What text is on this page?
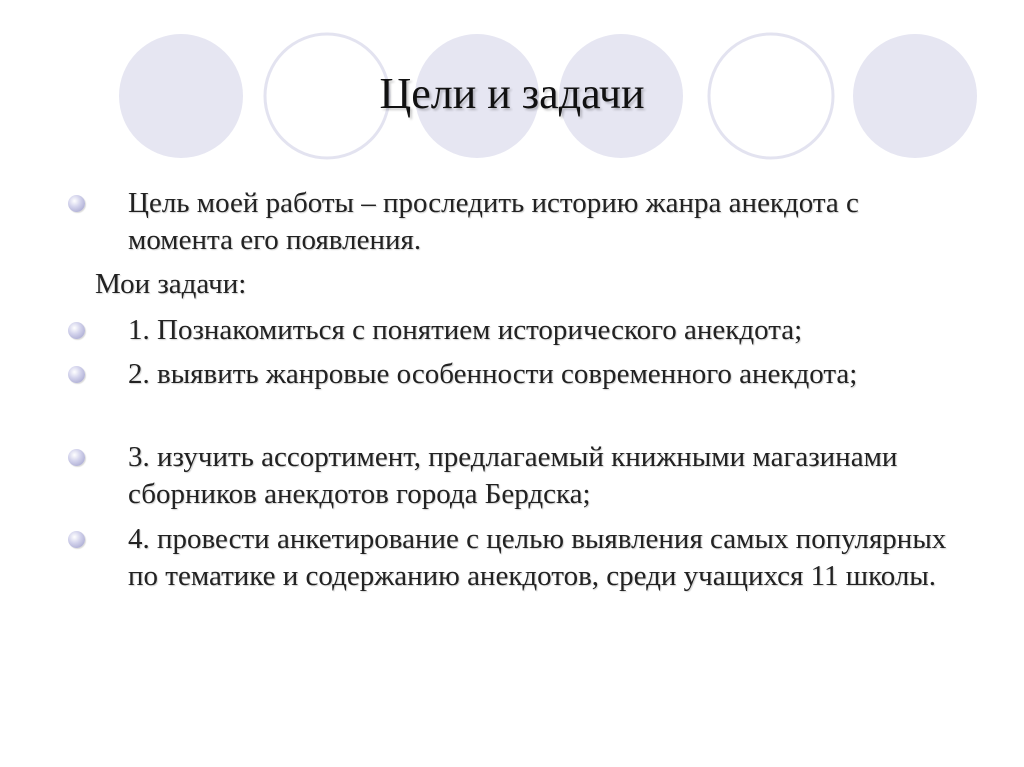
Цели и задачи
Цель моей работы – проследить историю жанра анекдота с момента его появления.
Мои задачи:
1. Познакомиться с понятием исторического анекдота;
2. выявить жанровые особенности современного анекдота;
3. изучить ассортимент, предлагаемый книжными магазинами сборников анекдотов города Бердска;
4. провести анкетирование с целью выявления самых популярных по тематике и содержанию анекдотов, среди учащихся 11 школы.
